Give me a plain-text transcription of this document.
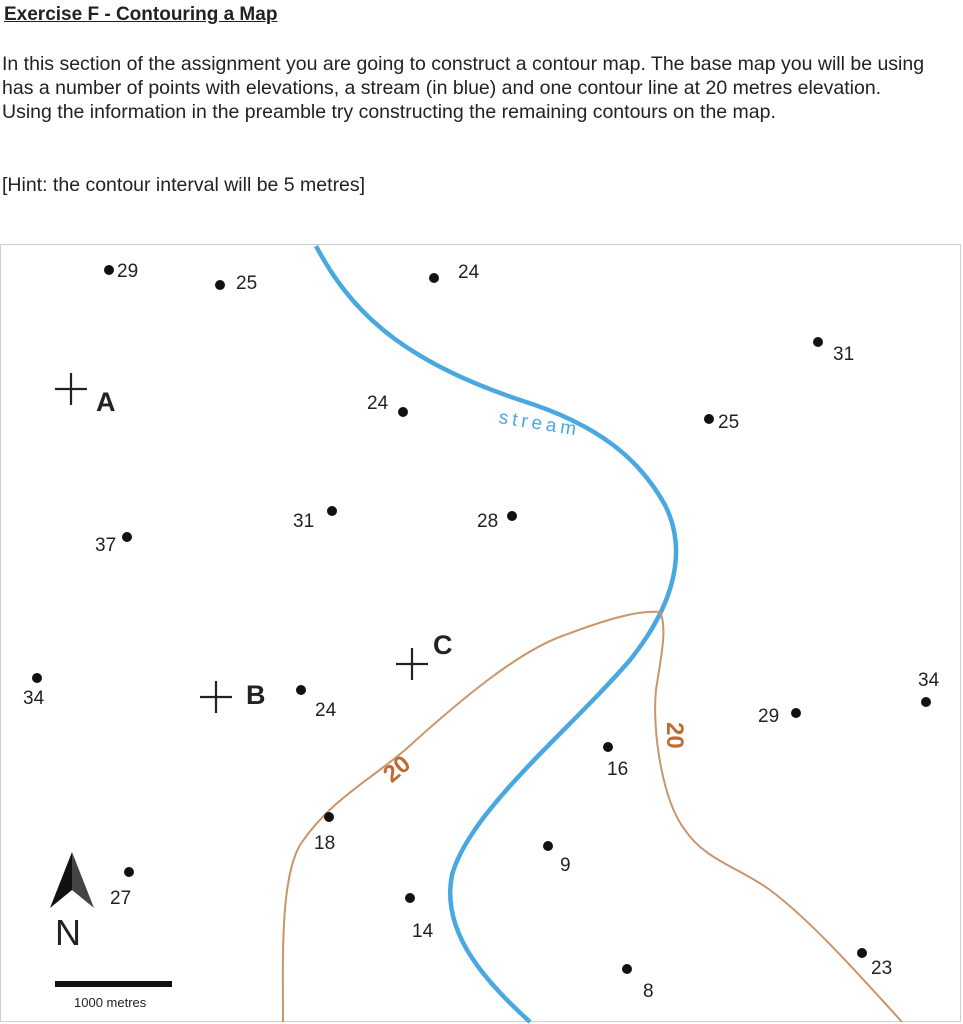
Exercise F - Contouring a Map
In this section of the assignment you are going to construct a contour map. The base map you will be using has a number of points with elevations, a stream (in blue) and one contour line at 20 metres elevation.
Using the information in the preamble try constructing the remaining contours on the map.
[Hint: the contour interval will be 5 metres]
29
25
24
31
24
25
31	28
37
34
24
34
29
16
18
9
27
14
23
8
A
B
C
stream
20
20
N
1000 metres
